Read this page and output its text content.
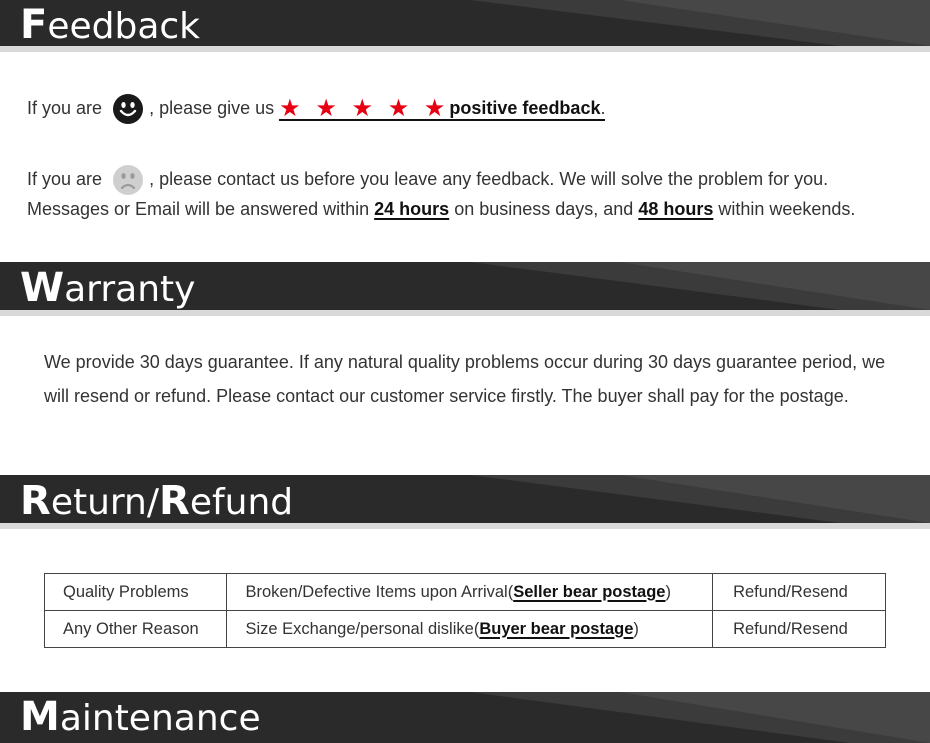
Feedback
If you are	, please give us ★ ★ ★ ★ ★positive feedback.
If you are	, please contact us before you leave any feedback. We will solve the problem for you.
Messages or Email will be answered within 24 hours on business days, and 48 hours within weekends.
Warranty
We provide 30 days guarantee. If any natural quality problems occur during 30 days guarantee period, we will resend or refund. Please contact our customer service firstly. The buyer shall pay for the postage.
Return/Refund
Quality Problems	Broken/Defective Items upon Arrival(Seller bear postage)	Refund/Resend
Any Other Reason	Size Exchange/personal dislike(Buyer bear postage)	Refund/Resend
Maintenance
